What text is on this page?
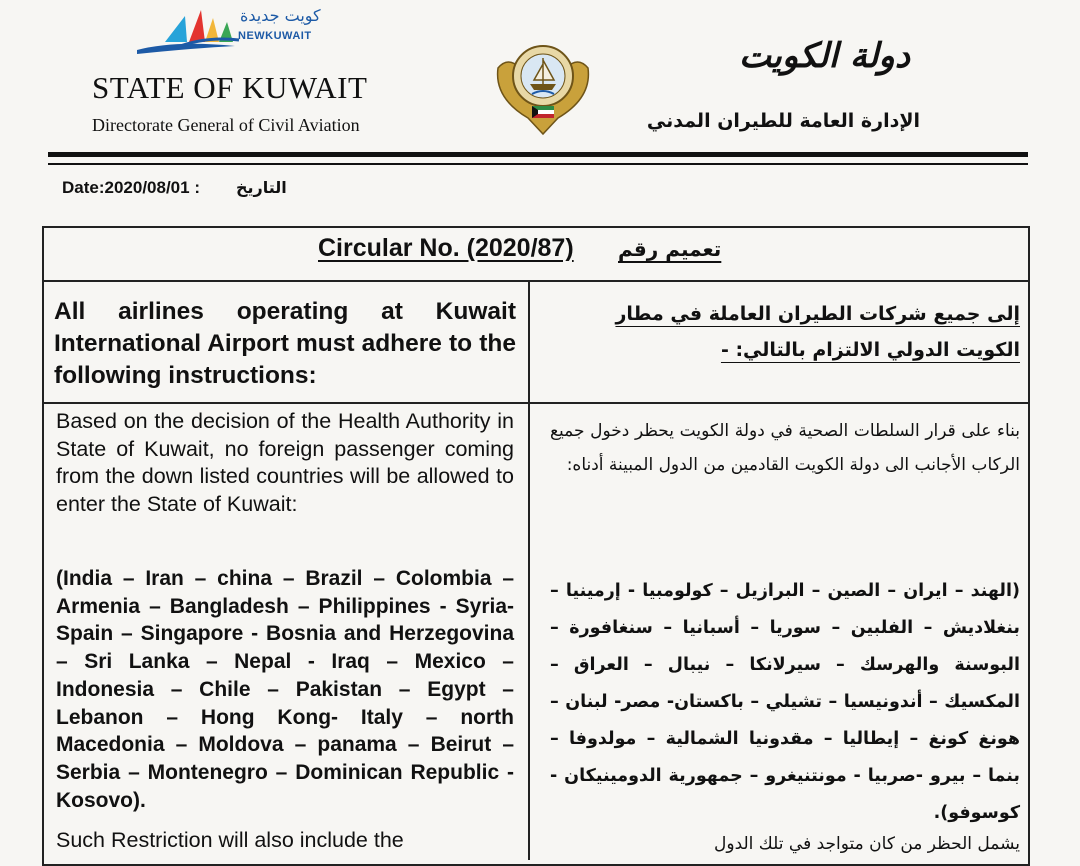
كويت جديدة
NEWKUWAIT
STATE OF KUWAIT
Directorate General of Civil Aviation
دولة الكويت
الإدارة العامة للطيران المدني
Date:2020/08/01 : التاريخ
Circular No. (2020/87) تعميم رقم
All airlines operating at Kuwait International Airport must adhere to the following instructions:
إلى جميع شركات الطيران العاملة في مطار الكويت الدولي الالتزام بالتالي: -
Based on the decision of the Health Authority in State of Kuwait, no foreign passenger coming from the down listed countries will be allowed to enter the State of Kuwait:
بناء على قرار السلطات الصحية في دولة الكويت يحظر دخول جميع الركاب الأجانب الى دولة الكويت القادمين من الدول المبينة أدناه:
(India – Iran – china – Brazil – Colombia – Armenia – Bangladesh – Philippines - Syria-Spain – Singapore - Bosnia and Herzegovina – Sri Lanka – Nepal - Iraq – Mexico – Indonesia – Chile – Pakistan – Egypt – Lebanon – Hong Kong- Italy – north Macedonia – Moldova – panama – Beirut – Serbia – Montenegro – Dominican Republic - Kosovo).
(الهند – ايران – الصين – البرازيل – كولومبيا - إرمينيا – بنغلاديش – الفلبين – سوريا – أسبانيا – سنغافورة – البوسنة والهرسك – سيرلانكا – نيبال – العراق – المكسيك – أندونيسيا – تشيلي – باكستان- مصر- لبنان – هونغ كونغ – إيطاليا – مقدونيا الشمالية – مولدوفا – بنما – بيرو -صربيا - مونتنيغرو – جمهورية الدومينيكان - كوسوفو).
Such Restriction will also include the	يشمل الحظر من كان متواجد في تلك الدول
